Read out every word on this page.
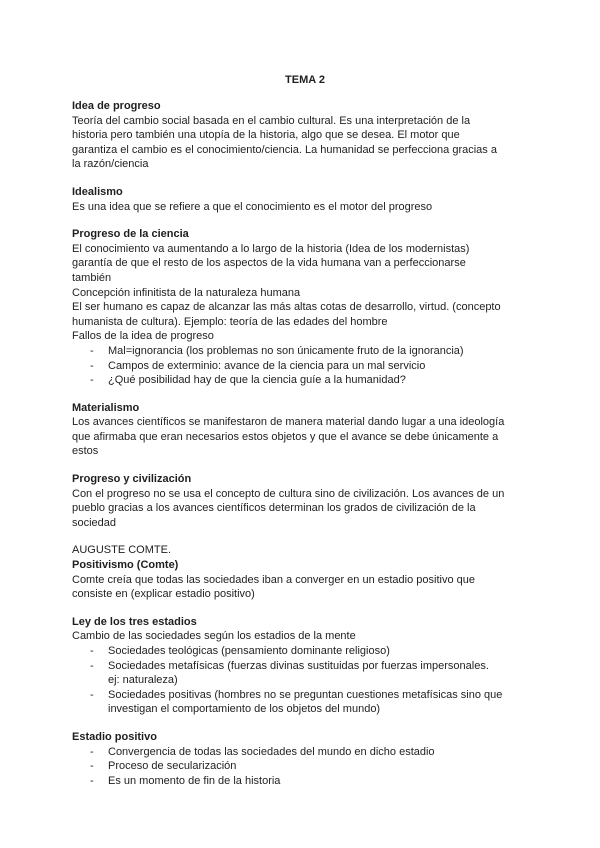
TEMA 2
Idea de progreso
Teoría del cambio social basada en el cambio cultural. Es una interpretación de la
historia pero también una utopía de la historia, algo que se desea. El motor que
garantiza el cambio es el conocimiento/ciencia. La humanidad se perfecciona gracias a
la razón/ciencia
Idealismo
Es una idea que se refiere a que el conocimiento es el motor del progreso
Progreso de la ciencia
El conocimiento va aumentando a lo largo de la historia (Idea de los modernistas)
garantía de que el resto de los aspectos de la vida humana van a perfeccionarse
también
Concepción infinitista de la naturaleza humana
El ser humano es capaz de alcanzar las más altas cotas de desarrollo, virtud. (concepto
humanista de cultura). Ejemplo: teoría de las edades del hombre
Fallos de la idea de progreso
- Mal=ignorancia (los problemas no son únicamente fruto de la ignorancia)
- Campos de exterminio: avance de la ciencia para un mal servicio
- ¿Qué posibilidad hay de que la ciencia guíe a la humanidad?
Materialismo
Los avances científicos se manifestaron de manera material dando lugar a una ideología
que afirmaba que eran necesarios estos objetos y que el avance se debe únicamente a
estos
Progreso y civilización
Con el progreso no se usa el concepto de cultura sino de civilización. Los avances de un
pueblo gracias a los avances científicos determinan los grados de civilización de la
sociedad
AUGUSTE COMTE.
Positivismo (Comte)
Comte creía que todas las sociedades iban a converger en un estadio positivo que
consiste en (explicar estadio positivo)
Ley de los tres estadios
Cambio de las sociedades según los estadios de la mente
- Sociedades teológicas (pensamiento dominante religioso)
- Sociedades metafísicas (fuerzas divinas sustituidas por fuerzas impersonales.
ej: naturaleza)
- Sociedades positivas (hombres no se preguntan cuestiones metafísicas sino que
investigan el comportamiento de los objetos del mundo)
Estadio positivo
- Convergencia de todas las sociedades del mundo en dicho estadio
- Proceso de secularización
- Es un momento de fin de la historia
